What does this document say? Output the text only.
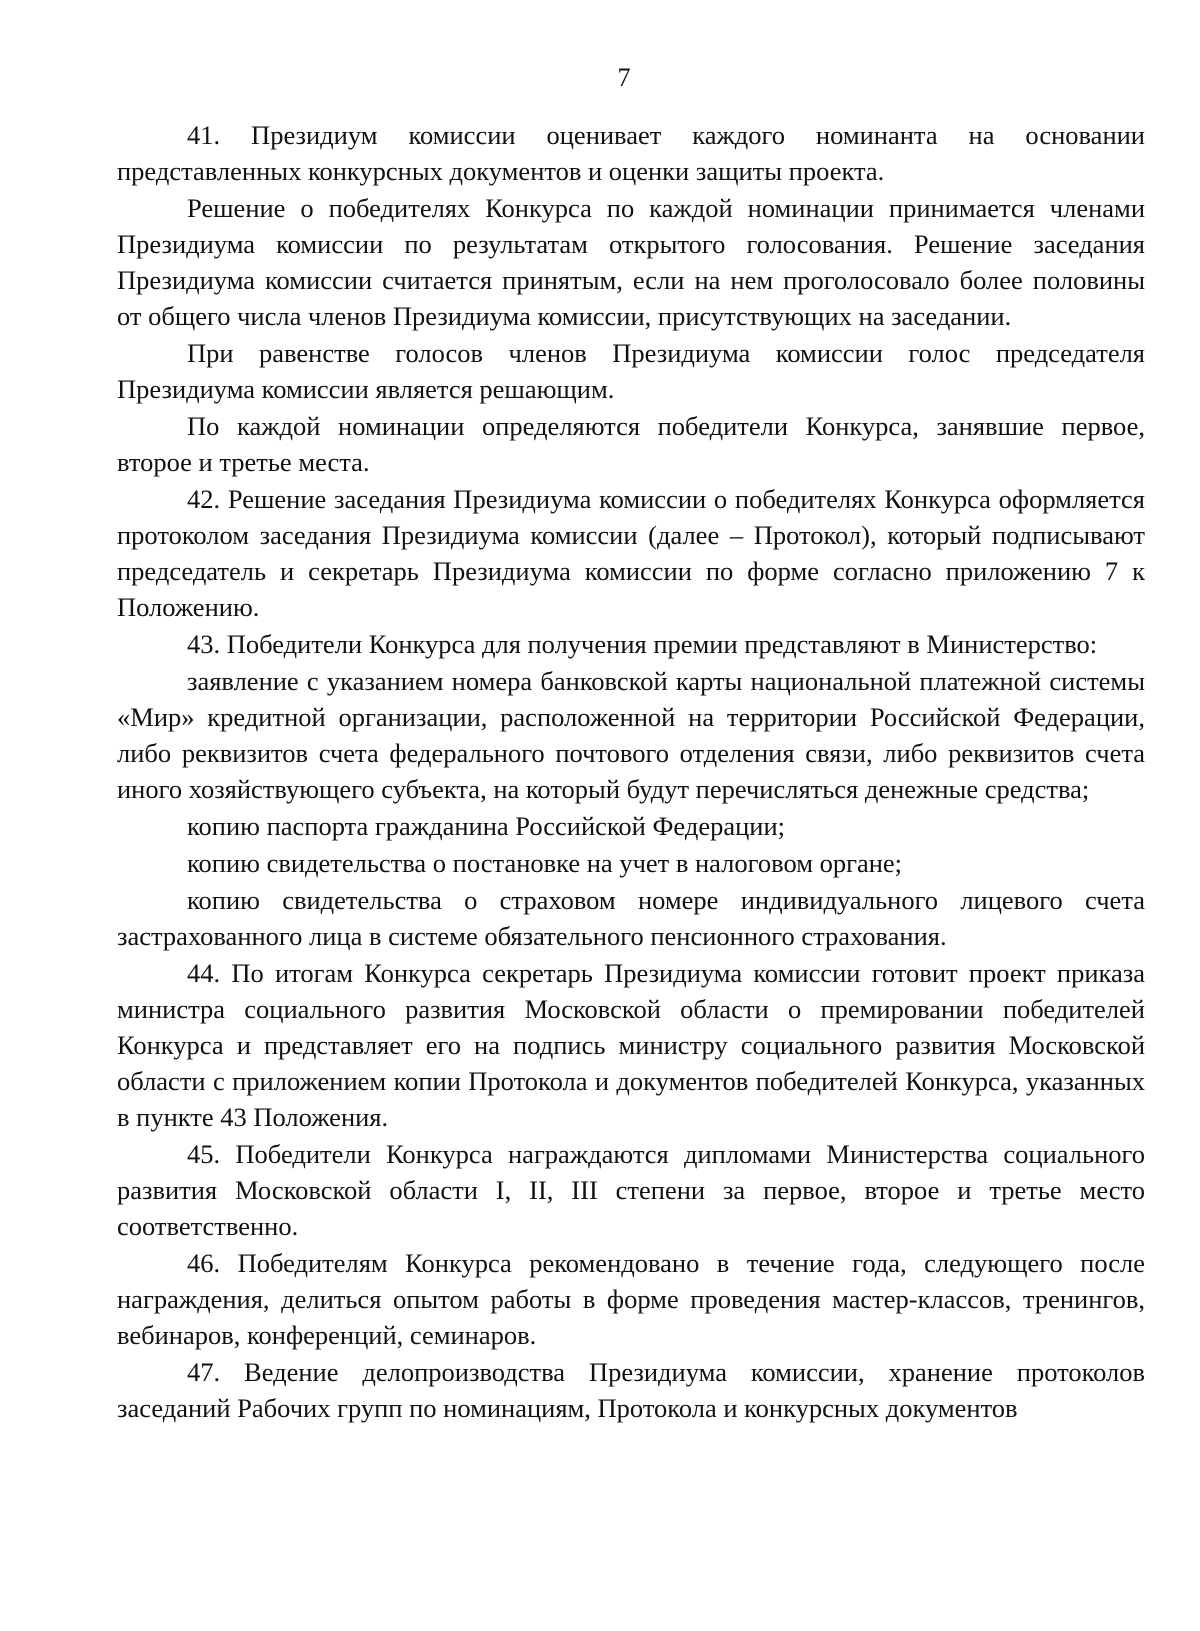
7

41. Президиум комиссии оценивает каждого номинанта на основании представленных конкурсных документов и оценки защиты проекта.

Решение о победителях Конкурса по каждой номинации принимается членами Президиума комиссии по результатам открытого голосования. Решение заседания Президиума комиссии считается принятым, если на нем проголосовало более половины от общего числа членов Президиума комиссии, присутствующих на заседании.

При равенстве голосов членов Президиума комиссии голос председателя Президиума комиссии является решающим.

По каждой номинации определяются победители Конкурса, занявшие первое, второе и третье места.

42. Решение заседания Президиума комиссии о победителях Конкурса оформляется протоколом заседания Президиума комиссии (далее – Протокол), который подписывают председатель и секретарь Президиума комиссии по форме согласно приложению 7 к Положению.

43. Победители Конкурса для получения премии представляют в Министерство:

заявление с указанием номера банковской карты национальной платежной системы «Мир» кредитной организации, расположенной на территории Российской Федерации, либо реквизитов счета федерального почтового отделения связи, либо реквизитов счета иного хозяйствующего субъекта, на который будут перечисляться денежные средства;

копию паспорта гражданина Российской Федерации;

копию свидетельства о постановке на учет в налоговом органе;

копию свидетельства о страховом номере индивидуального лицевого счета застрахованного лица в системе обязательного пенсионного страхования.

44. По итогам Конкурса секретарь Президиума комиссии готовит проект приказа министра социального развития Московской области о премировании победителей Конкурса и представляет его на подпись министру социального развития Московской области с приложением копии Протокола и документов победителей Конкурса, указанных в пункте 43 Положения.

45. Победители Конкурса награждаются дипломами Министерства социального развития Московской области I, II, III степени за первое, второе и третье место соответственно.

46. Победителям Конкурса рекомендовано в течение года, следующего после награждения, делиться опытом работы в форме проведения мастер-классов, тренингов, вебинаров, конференций, семинаров.

47. Ведение делопроизводства Президиума комиссии, хранение протоколов заседаний Рабочих групп по номинациям, Протокола и конкурсных документов
